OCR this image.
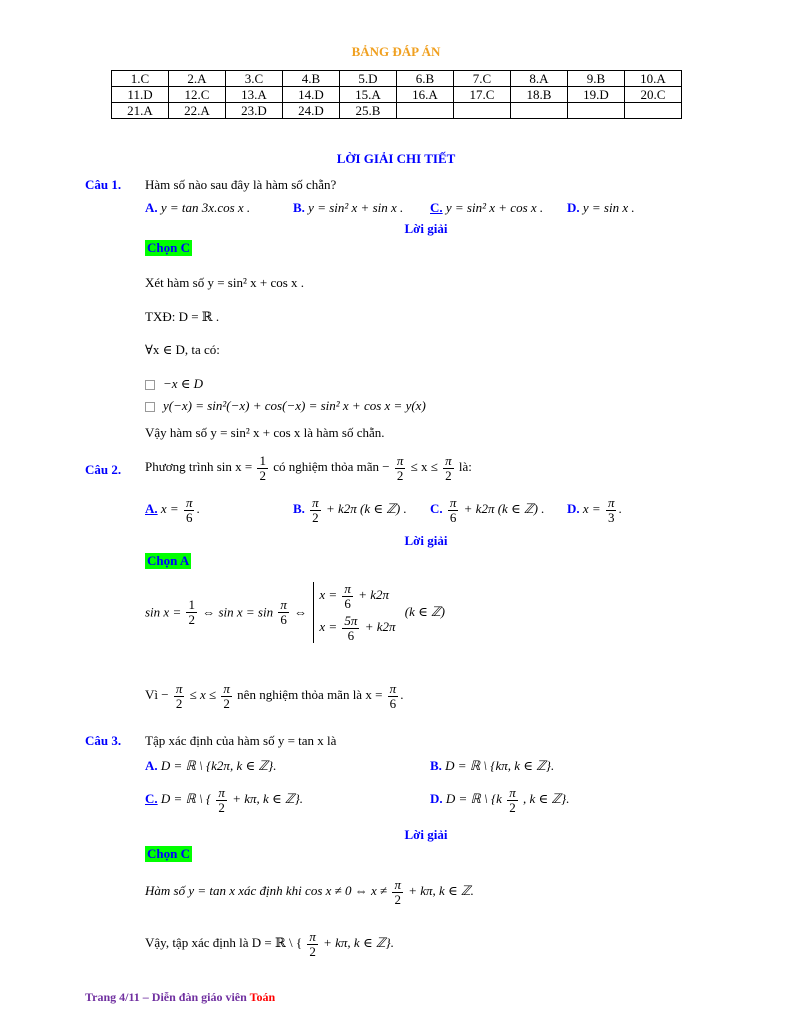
BẢNG ĐÁP ÁN
1.C	2.A	3.C	4.B	5.D	6.B	7.C	8.A	9.B	10.A
11.D	12.C	13.A	14.D	15.A	16.A	17.C	18.B	19.D	20.C
21.A	22.A	23.D	24.D	25.B					
LỜI GIẢI CHI TIẾT
Câu 1. Hàm số nào sau đây là hàm số chẵn?
A. y = tan 3x.cos x .	B. y = sin² x + sin x . C. y = sin² x + cos x . D. y = sin x .
Lời giải
Chọn C
Xét hàm số y = sin² x + cos x .
TXĐ: D = ℝ .
∀x ∈ D, ta có:
−x ∈ D
y(−x) = sin²(−x) + cos(−x) = sin² x + cos x = y(x)
Vậy hàm số y = sin² x + cos x là hàm số chẵn.
Câu 2. Phương trình $\sin x = \frac{1}{2}$ có nghiệm thỏa mãn − $\frac{\pi}{2} \le x \le \frac{\pi}{2}$ là:
A. $x = \frac{\pi}{6}$ .	B. $\frac{\pi}{2} + k2\pi$ (k ∈ ℤ) . C. $\frac{\pi}{6} + k2\pi$ (k ∈ ℤ) . D. $x = \frac{\pi}{3}$ .
Lời giải
Chọn A
$\sin x = \frac{1}{2}$ ⇔ $\sin x = \sin \frac{\pi}{6}$ ⇔
$x = \frac{\pi}{6} + k2\pi$
$x = \frac{5\pi}{6} + k2\pi$
(k ∈ ℤ)
Vì − $\frac{\pi}{2} \le x \le \frac{\pi}{2}$ nên nghiệm thỏa mãn là $x = \frac{\pi}{6}$ .
Câu 3. Tập xác định của hàm số y = tan x là
A. D = ℝ \ {k2π, k ∈ ℤ}.	B. D = ℝ \ {kπ, k ∈ ℤ}.
C. D = ℝ \ { $\frac{\pi}{2} + k\pi$, k ∈ ℤ}.	D. D = ℝ \ {$k \frac{\pi}{2}$ , k ∈ ℤ}.
Lời giải
Chọn C
Hàm số y = tan x xác định khi cos x ≠ 0 ⇔ $x \ne \frac{\pi}{2} + k\pi$, k ∈ ℤ.
Vậy, tập xác định là D = ℝ \ { $\frac{\pi}{2} + k\pi$, k ∈ ℤ}.
Trang 4/11 – Diễn đàn giáo viên Toán
